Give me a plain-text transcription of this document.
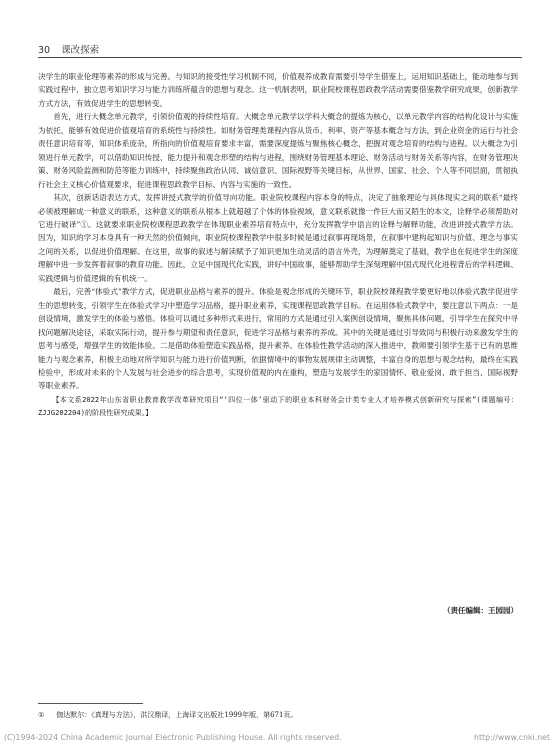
30 课改探索

决学生的职业伦理等素养的形成与完善。与知识的接受性学习机制不同，价值观养成教育需要引导学生借鉴上，运用知识基础上，能动地参与到实践过程中，独立思考知识学习与能力训练所蕴含的思想与观念。这一机制表明，职业院校课程思政教学活动需要借鉴教学研究成果，创新教学方式方法，有效促进学生的思想转变。

首先，进行大概念单元教学，引领价值观的持续性培育。大概念单元教学以学科大概念的提炼为核心，以单元教学内容的结构化设计与实施为依托，能够有效促进价值观培育的系统性与持续性。如财务管理类课程内容从货币、利率、资产等基本概念与方法，到企业资金的运行与社会责任意识培育等，知识体系庞杂，所指向的价值观培育要求丰富，需要深度提炼与聚焦核心概念，把握对观念培育的结构与进程。以大概念为引领进行单元教学，可以借助知识传授、能力提升和观念形塑的结构与进程，围绕财务管理基本理论、财务活动与财务关系等内容，在财务管理决策、财务风险监测和防范等能力训练中，持续聚焦政治认同、诚信意识、国际视野等关键目标，从世界、国家、社会、个人等不同层面，贯彻执行社会主义核心价值观要求，促进课程思政教学目标、内容与实施的一致性。

其次，创新话语表达方式，发挥讲授式教学的价值导向功能。职业院校课程内容本身的特点，决定了抽象理论与具体现实之间的联系“最终必须被理解成一种意义的联系，这种意义的联系从根本上就超越了个体的体验视域，意义联系就像一件巨大而又陌生的本文，诠释学必须帮助对它进行破译”①。这就要求职业院校课程思政教学在体现职业素养培育特点中，充分发挥教学中语言的诠释与解释功能，改进讲授式教学方法。因为，知识的学习本身具有一种天然的价值倾向，职业院校课程教学中很多时候是通过叙事再现场景，在叙事中建构起知识与价值、理念与事实之间的关系，以促进价值理解。在这里，故事的叙述与解读赋予了知识更加生动灵活的语言外壳，为理解奠定了基础，教学也在促进学生的深度理解中进一步发挥着叙事的教育功能。因此，立足中国现代化实践，讲好中国故事，能够帮助学生深刻理解中国式现代化进程背后的学科逻辑、实践逻辑与价值逻辑的有机统一。

最后，完善“体验式”教学方式，促进职业品格与素养的提升。体验是观念形成的关键环节，职业院校课程教学要更好地以体验式教学促进学生的思想转变，引领学生在体验式学习中塑造学习品格，提升职业素养，实现课程思政教学目标。在运用体验式教学中，要注意以下两点：一是创设情境，激发学生的体验与感悟。体验可以通过多种形式来进行，常用的方式是通过引入案例创设情境，聚焦具体问题，引导学生在探究中寻找问题解决途径，采取实际行动，提升参与期望和责任意识，促进学习品格与素养的养成。其中的关键是通过引导致同与积极行动来激发学生的思考与感受，增强学生的效能体验。二是借助体验塑造实践品格，提升素养。在体验性教学活动的深入推进中，教师要引领学生基于已有的思维能力与观念素养，积极主动地对所学知识与能力进行价值判断，依据情境中的事物发展规律主动调整，丰富自身的思想与观念结构，最终在实践检验中，形成对未来的个人发展与社会进步的综合思考，实现价值观的内在重构，塑造与发展学生的家国情怀、敬业爱岗、敢于担当、国际视野等职业素养。

【本文系2022年山东省职业教育教学改革研究项目“‘四位一体’驱动下的职业本科财务会计类专业人才培养模式创新研究与探索”(课题编号：ZJJG202204)的阶段性研究成果。】

（责任编辑：王园园）
① 伽达默尔：《真理与方法》，洪汉鼎译，上海译文出版社1999年版，第671页。
(C)1994-2024 China Academic Journal Electronic Publishing House. All rights reserved.	http://www.cnki.net
